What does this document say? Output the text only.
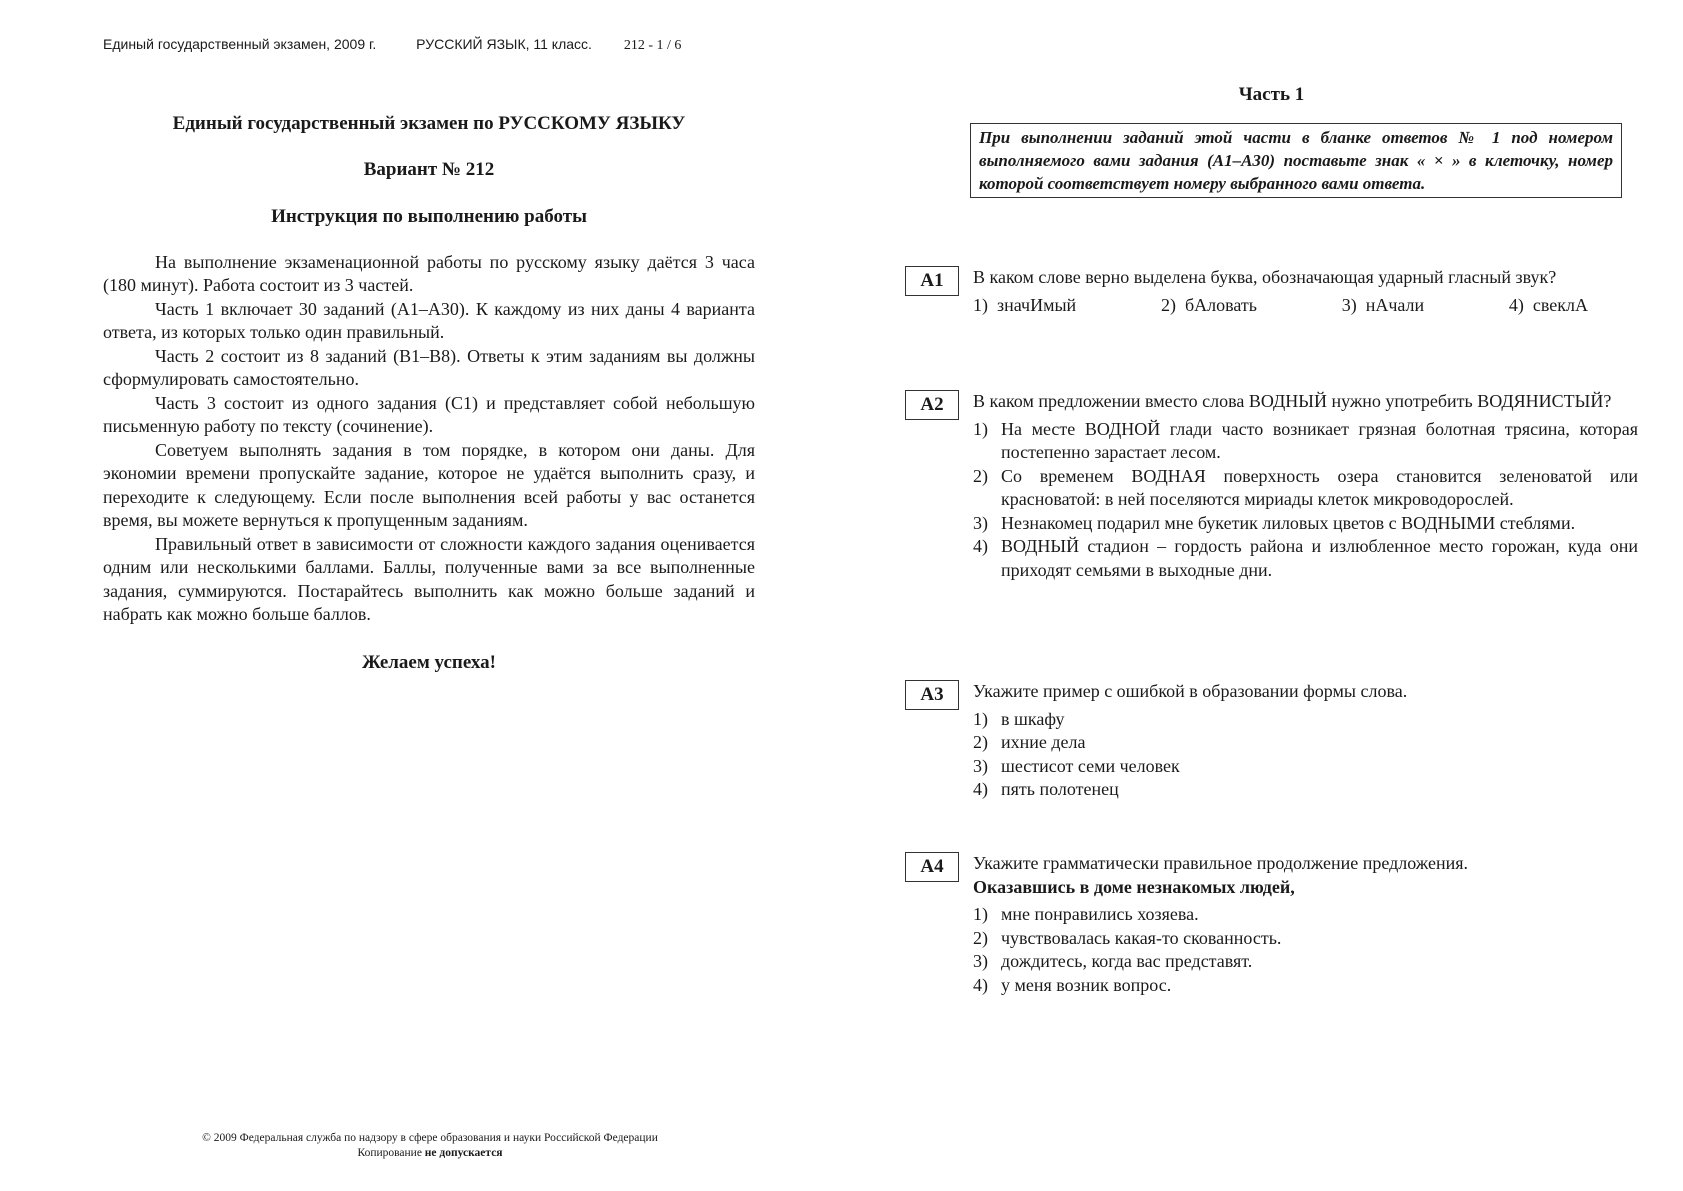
Единый государственный экзамен, 2009 г.	РУССКИЙ ЯЗЫК, 11 класс. 212 - 1 / 6
Единый государственный экзамен по РУССКОМУ ЯЗЫКУ
Вариант № 212
Инструкция по выполнению работы

На выполнение экзаменационной работы по русскому языку даётся 3 часа (180 минут). Работа состоит из 3 частей.

Часть 1 включает 30 заданий (А1–А30). К каждому из них даны 4 варианта ответа, из которых только один правильный.

Часть 2 состоит из 8 заданий (В1–В8). Ответы к этим заданиям вы должны сформулировать самостоятельно.

Часть 3 состоит из одного задания (С1) и представляет собой небольшую письменную работу по тексту (сочинение).

Советуем выполнять задания в том порядке, в котором они даны. Для экономии времени пропускайте задание, которое не удаётся выполнить сразу, и переходите к следующему. Если после выполнения всей работы у вас останется время, вы можете вернуться к пропущенным заданиям.

Правильный ответ в зависимости от сложности каждого задания оценивается одним или несколькими баллами. Баллы, полученные вами за все выполненные задания, суммируются. Постарайтесь выполнить как можно больше заданий и набрать как можно больше баллов.

Желаем успеха!
© 2009 Федеральная служба по надзору в сфере образования и науки Российской Федерации
Копирование не допускается
Часть 1
При выполнении заданий этой части в бланке ответов № 1 под номером выполняемого вами задания (А1–А30) поставьте знак « × » в клеточку, номер которой соответствует номеру выбранного вами ответа.
А1	В каком слове верно выделена буква, обозначающая ударный гласный звук?

1) значИмый	2) бАловать	3) нАчали	4) свеклА
А2	В каком предложении вместо слова ВОДНЫЙ нужно употребить ВОДЯНИСТЫЙ?

1) На месте ВОДНОЙ глади часто возникает грязная болотная трясина, которая постепенно зарастает лесом.
2) Со временем ВОДНАЯ поверхность озера становится зеленоватой или красноватой: в ней поселяются мириады клеток микроводорослей.
3) Незнакомец подарил мне букетик лиловых цветов с ВОДНЫМИ стеблями.
4) ВОДНЫЙ стадион – гордость района и излюбленное место горожан, куда они приходят семьями в выходные дни.
А3	Укажите пример с ошибкой в образовании формы слова.

1) в шкафу
2) ихние дела
3) шестисот семи человек
4) пять полотенец
А4	Укажите грамматически правильное продолжение предложения.

Оказавшись в доме незнакомых людей,

1) мне понравились хозяева.
2) чувствовалась какая-то скованность.
3) дождитесь, когда вас представят.
4) у меня возник вопрос.
